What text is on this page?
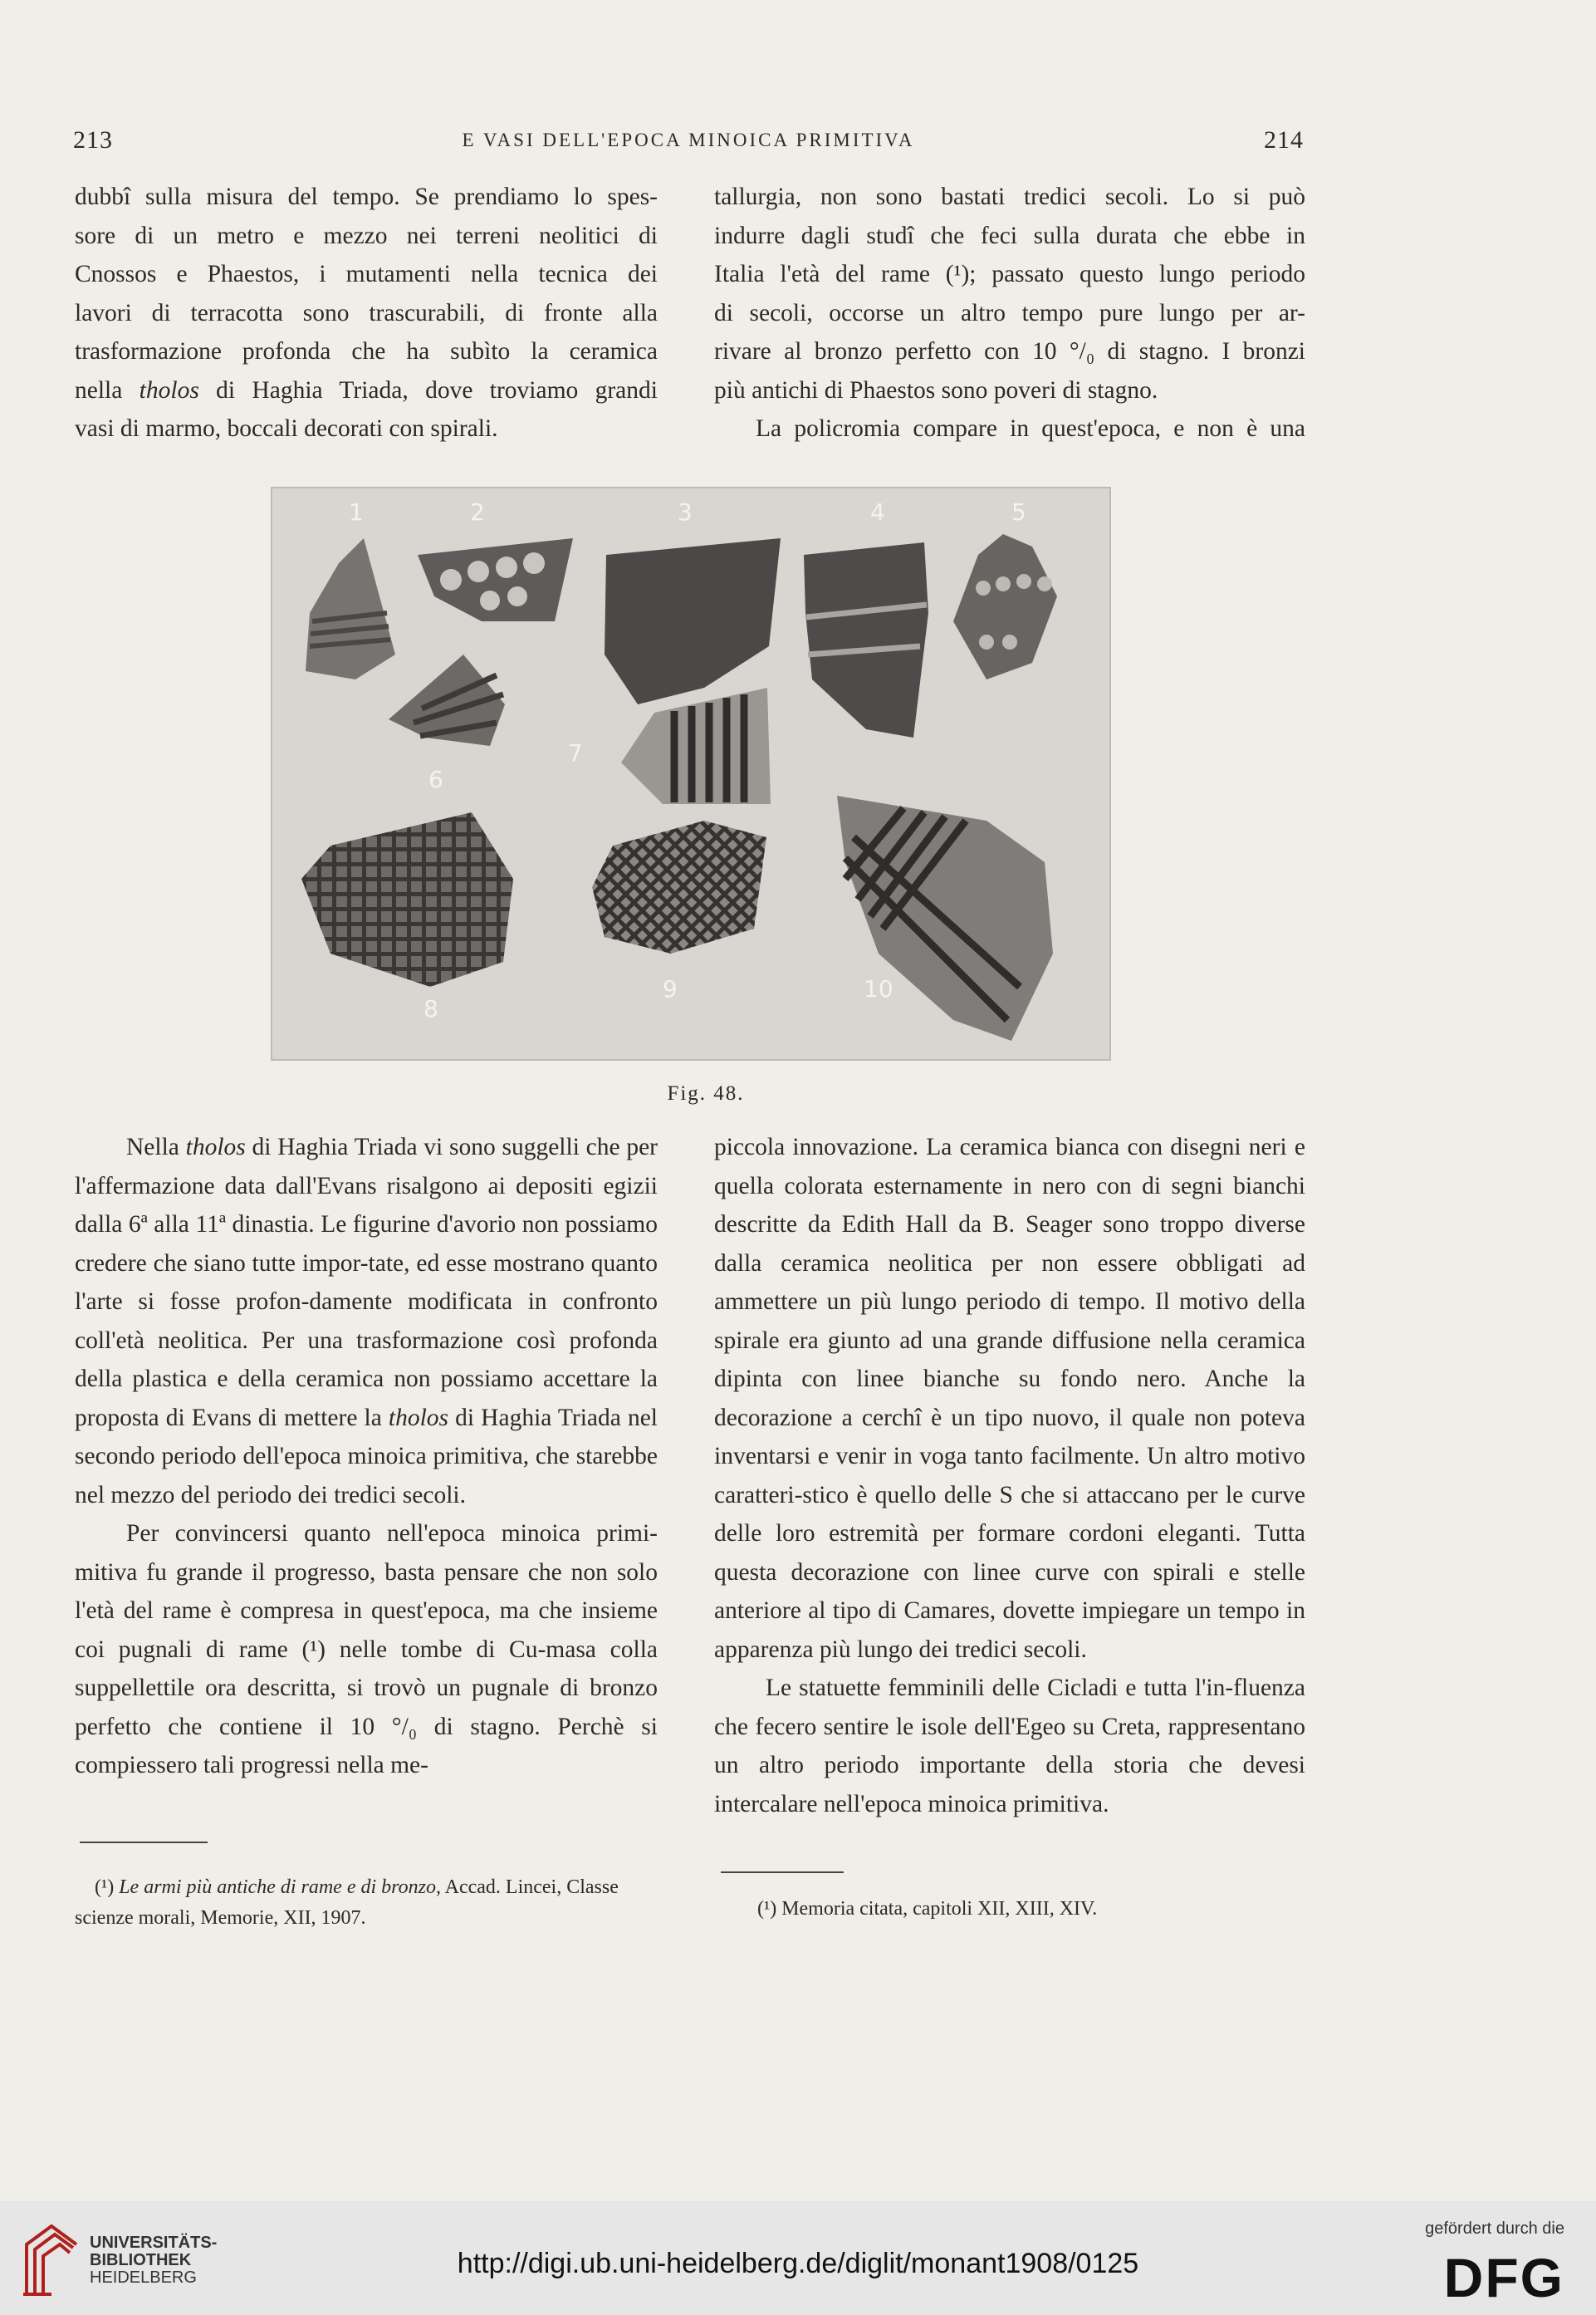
213	E VASI DELL'EPOCA MINOICA PRIMITIVA	214

dubbî sulla misura del tempo. Se prendiamo lo spes-

sore di un metro e mezzo nei terreni neolitici di

Cnossos e Phaestos, i mutamenti nella tecnica dei

lavori di terracotta sono trascurabili, di fronte alla

trasformazione profonda che ha subìto la ceramica

nella tholos di Haghia Triada, dove troviamo grandi

vasi di marmo, boccali decorati con spirali.

tallurgia, non sono bastati tredici secoli. Lo si può

indurre dagli studî che feci sulla durata che ebbe in

Italia l'età del rame (¹); passato questo lungo periodo

di secoli, occorse un altro tempo pure lungo per ar-

rivare al bronzo perfetto con 10 °/₀ di stagno. I bronzi

più antichi di Phaestos sono poveri di stagno.

La policromia compare in quest'epoca, e non è una

1	2	3	4	5
6
7
8
9	10
Fig. 48.

Nella tholos di Haghia Triada vi sono suggelli che per l'affermazione data dall'Evans risalgono ai depositi egizii dalla 6ª alla 11ª dinastia. Le figurine d'avorio non possiamo credere che siano tutte impor-tate, ed esse mostrano quanto l'arte si fosse profon-damente modificata in confronto coll'età neolitica. Per una trasformazione così profonda della plastica e della ceramica non possiamo accettare la proposta di Evans di mettere la tholos di Haghia Triada nel secondo periodo dell'epoca minoica primitiva, che starebbe nel mezzo del periodo dei tredici secoli.

Per convincersi quanto nell'epoca minoica primi-mitiva fu grande il progresso, basta pensare che non solo l'età del rame è compresa in quest'epoca, ma che insieme coi pugnali di rame (¹) nelle tombe di Cu-masa colla suppellettile ora descritta, si trovò un pugnale di bronzo perfetto che contiene il 10 °/₀ di stagno. Perchè si compiessero tali progressi nella me-

piccola innovazione. La ceramica bianca con disegni neri e quella colorata esternamente in nero con di segni bianchi descritte da Edith Hall da B. Seager sono troppo diverse dalla ceramica neolitica per non essere obbligati ad ammettere un più lungo periodo di tempo. Il motivo della spirale era giunto ad una grande diffusione nella ceramica dipinta con linee bianche su fondo nero. Anche la decorazione a cerchî è un tipo nuovo, il quale non poteva inventarsi e venir in voga tanto facilmente. Un altro motivo caratteri-stico è quello delle S che si attaccano per le curve delle loro estremità per formare cordoni eleganti. Tutta questa decorazione con linee curve con spirali e stelle anteriore al tipo di Camares, dovette impiegare un tempo in apparenza più lungo dei tredici secoli.

Le statuette femminili delle Cicladi e tutta l'in-fluenza che fecero sentire le isole dell'Egeo su Creta, rappresentano un altro periodo importante della storia che devesi intercalare nell'epoca minoica primitiva.

(¹) Le armi più antiche di rame e di bronzo, Accad. Lincei, Classe scienze morali, Memorie, XII, 1907.	(¹) Memoria citata, capitoli XII, XIII, XIV.
UNIVERSITÄTS-
BIBLIOTHEK
HEIDELBERG	http://digi.ub.uni-heidelberg.de/diglit/monant1908/0125
gefördert durch die
DFG
